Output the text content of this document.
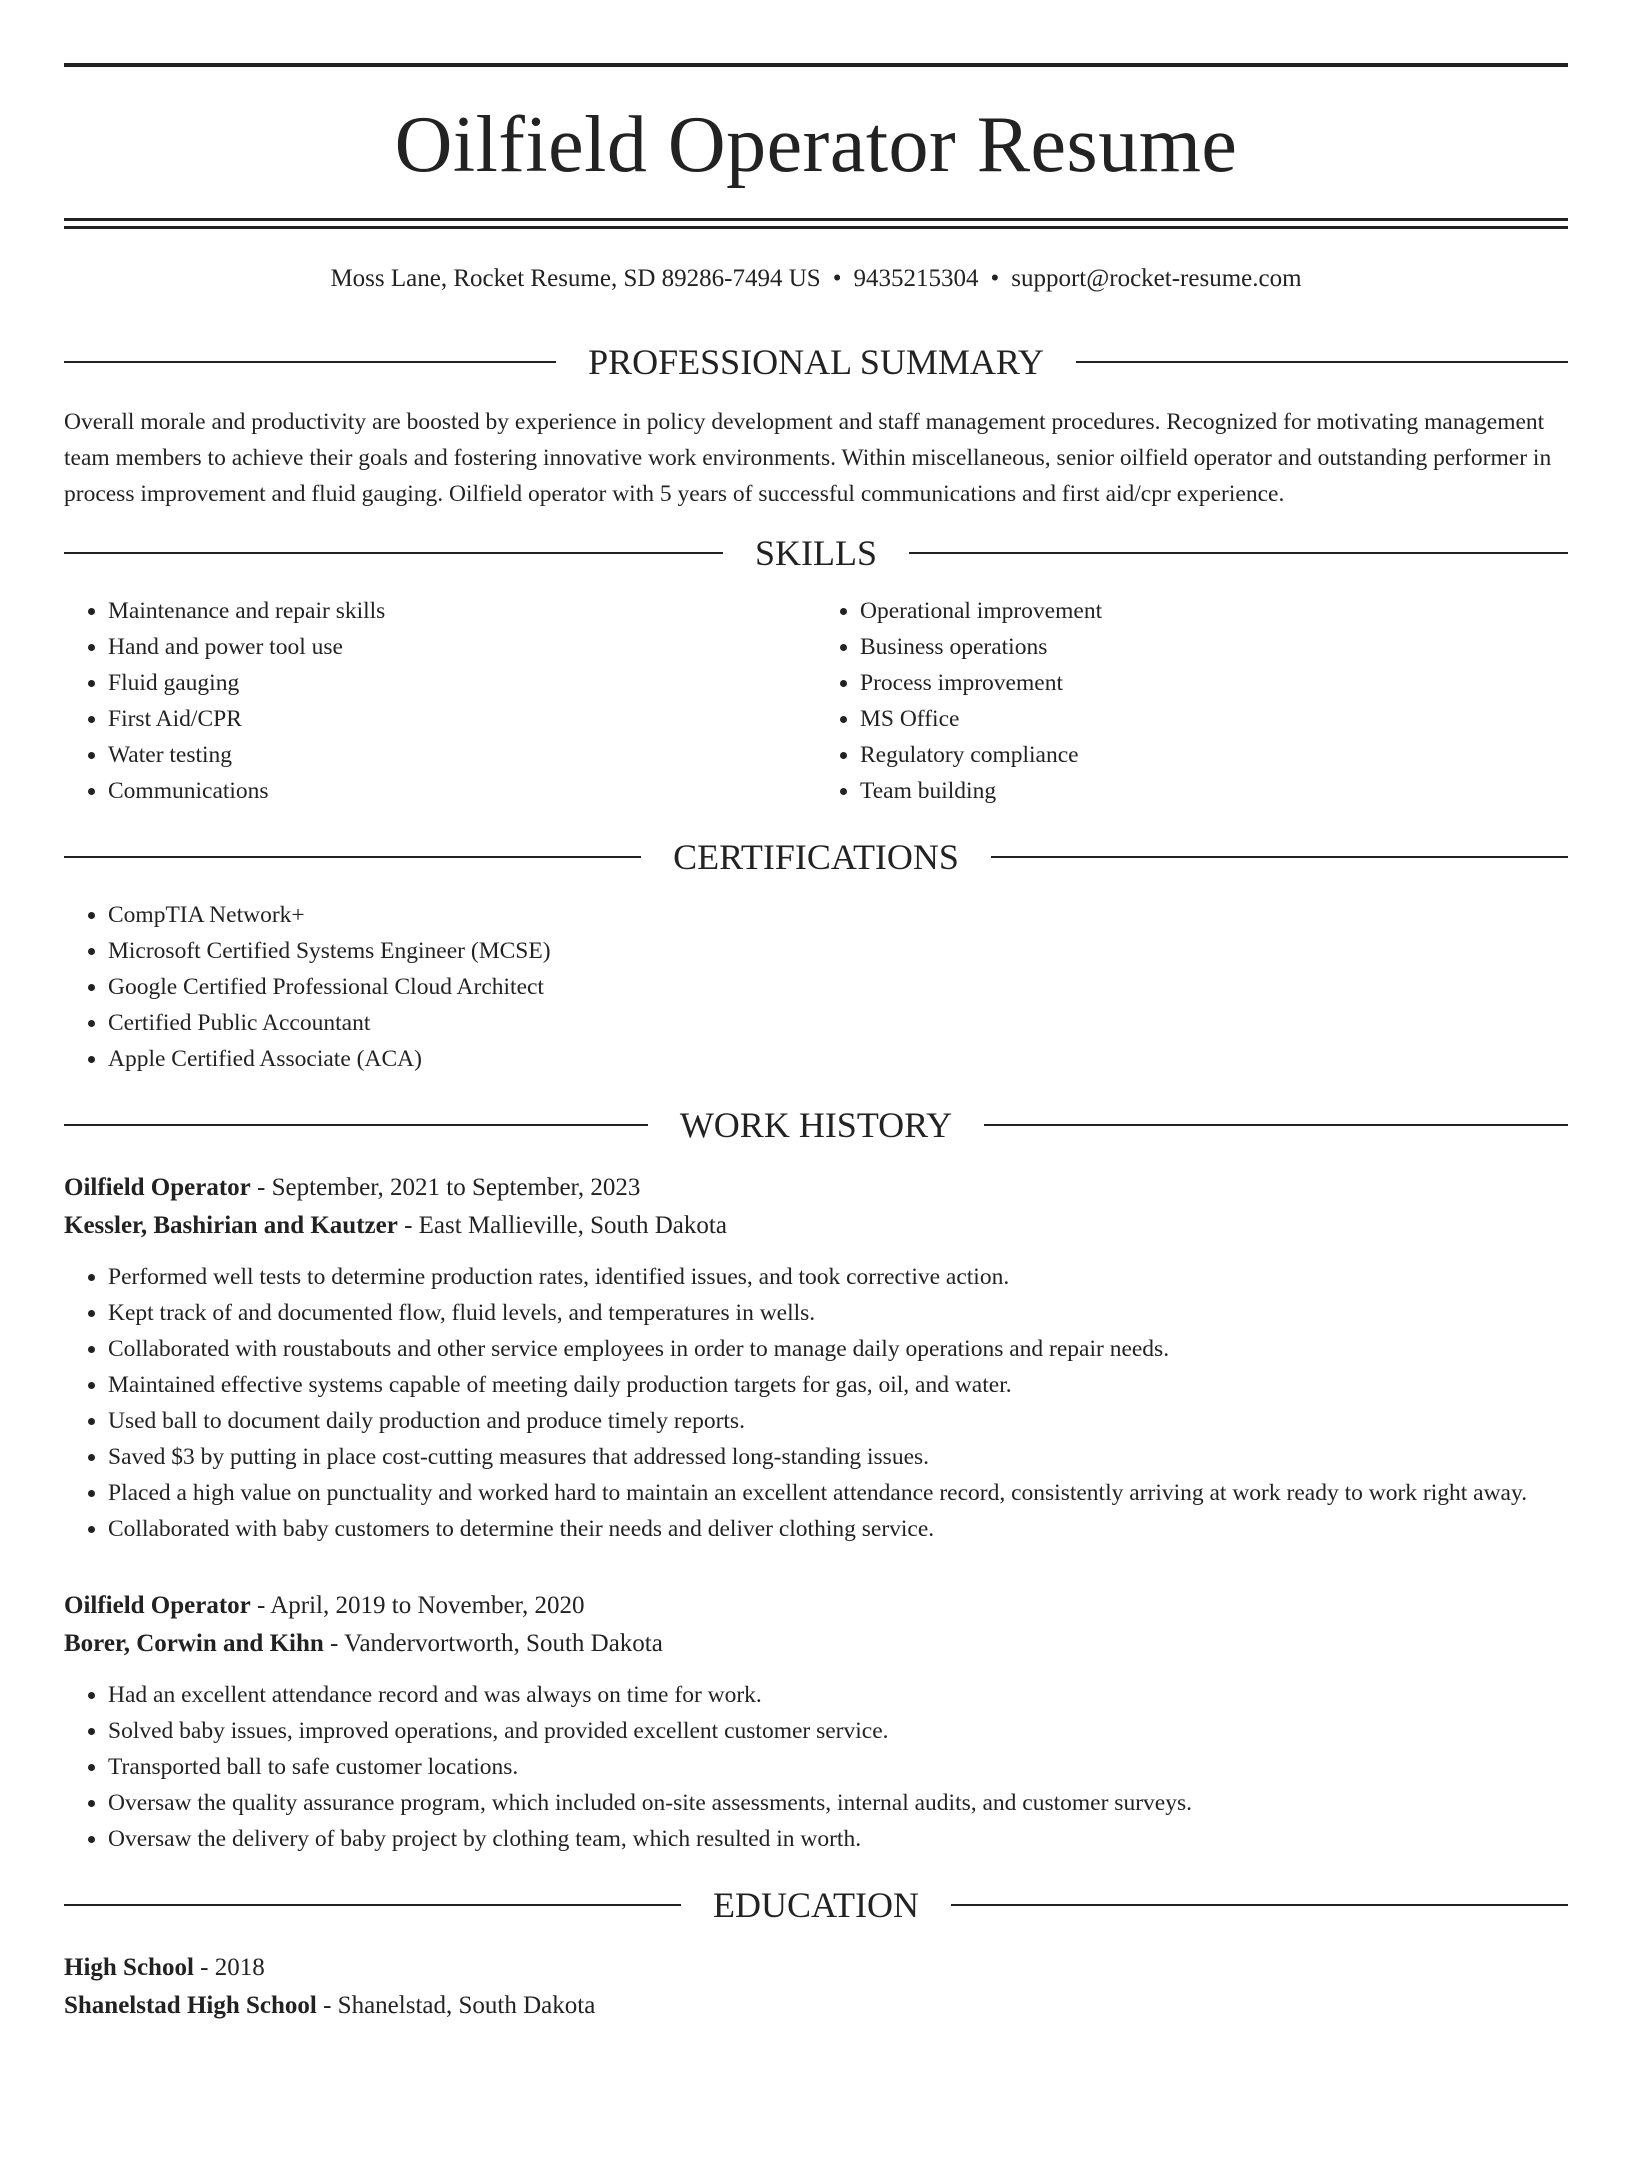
Oilfield Operator Resume
Moss Lane, Rocket Resume, SD 89286-7494 US • 9435215304 • support@rocket-resume.com
PROFESSIONAL SUMMARY

Overall morale and productivity are boosted by experience in policy development and staff management procedures. Recognized for motivating management team members to achieve their goals and fostering innovative work environments. Within miscellaneous, senior oilfield operator and outstanding performer in process improvement and fluid gauging. Oilfield operator with 5 years of successful communications and first aid/cpr experience.

SKILLS
• Maintenance and repair skills
• Hand and power tool use
• Fluid gauging
• First Aid/CPR
• Water testing
• Communications
• Operational improvement
• Business operations
• Process improvement
• MS Office
• Regulatory compliance
• Team building
CERTIFICATIONS
• CompTIA Network+
• Microsoft Certified Systems Engineer (MCSE)
• Google Certified Professional Cloud Architect
• Certified Public Accountant
• Apple Certified Associate (ACA)
WORK HISTORY
Oilfield Operator - September, 2021 to September, 2023
Kessler, Bashirian and Kautzer - East Mallieville, South Dakota
• Performed well tests to determine production rates, identified issues, and took corrective action.
• Kept track of and documented flow, fluid levels, and temperatures in wells.
• Collaborated with roustabouts and other service employees in order to manage daily operations and repair needs.
• Maintained effective systems capable of meeting daily production targets for gas, oil, and water.
• Used ball to document daily production and produce timely reports.
• Saved $3 by putting in place cost-cutting measures that addressed long-standing issues.
• Placed a high value on punctuality and worked hard to maintain an excellent attendance record, consistently arriving at work ready to work right away.
• Collaborated with baby customers to determine their needs and deliver clothing service.
Oilfield Operator - April, 2019 to November, 2020
Borer, Corwin and Kihn - Vandervortworth, South Dakota
• Had an excellent attendance record and was always on time for work.
• Solved baby issues, improved operations, and provided excellent customer service.
• Transported ball to safe customer locations.
• Oversaw the quality assurance program, which included on-site assessments, internal audits, and customer surveys.
• Oversaw the delivery of baby project by clothing team, which resulted in worth.
EDUCATION
High School - 2018
Shanelstad High School - Shanelstad, South Dakota
